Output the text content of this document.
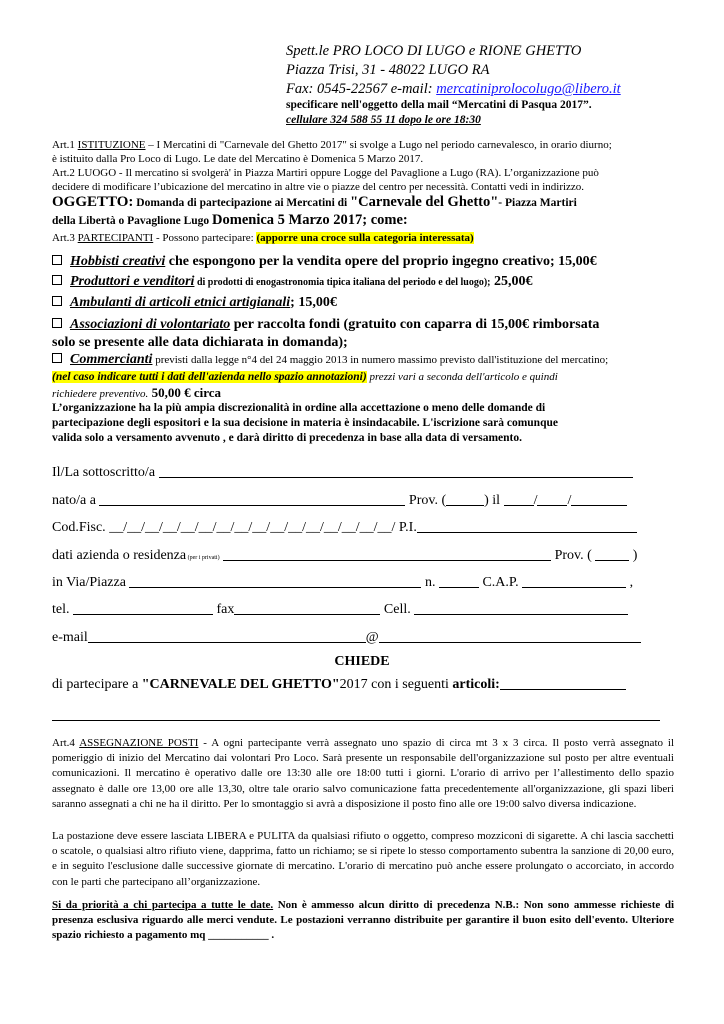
Spett.le PRO LOCO DI LUGO e RIONE GHETTO
Piazza Trisi, 31 - 48022 LUGO RA
Fax: 0545-22567 e-mail: mercatiniprolocolugo@libero.it
specificare nell'oggetto della mail “Mercatini di Pasqua 2017”.
cellulare 324 588 55 11 dopo le ore 18:30
Art.1 ISTITUZIONE – I Mercatini di "Carnevale del Ghetto 2017" si svolge a Lugo nel periodo carnevalesco, in orario diurno;
è istituito dalla Pro Loco di Lugo. Le date del Mercatino è Domenica 5 Marzo 2017.
Art.2 LUOGO - Il mercatino si svolgerà' in Piazza Martiri oppure Logge del Pavaglione a Lugo (RA). L’organizzazione può
decidere di modificare l’ubicazione del mercatino in altre vie o piazze del centro per necessità. Contatti vedi in indirizzo.
OGGETTO: Domanda di partecipazione ai Mercatini di "Carnevale del Ghetto"- Piazza Martiri
della Libertà o Pavaglione Lugo Domenica 5 Marzo 2017; come:
Art.3 PARTECIPANTI - Possono partecipare: (apporre una croce sulla categoria interessata)
Hobbisti creativi che espongono per la vendita opere del proprio ingegno creativo; 15,00€
Produttori e venditori di prodotti di enogastronomia tipica italiana del periodo e del luogo); 25,00€
Ambulanti di articoli etnici artigianali; 15,00€
Associazioni di volontariato per raccolta fondi (gratuito con caparra di 15,00€ rimborsata
solo se presente alle data dichiarata in domanda);
Commercianti previsti dalla legge n°4 del 24 maggio 2013 in numero massimo previsto dall'istituzione del mercatino;
(nel caso indicare tutti i dati dell'azienda nello spazio annotazioni) prezzi vari a seconda dell'articolo e quindi
richiedere preventivo. 50,00 € circa
L’organizzazione ha la più ampia discrezionalità in ordine alla accettazione o meno delle domande di
partecipazione degli espositori e la sua decisione in materia è insindacabile. L'iscrizione sarà comunque
valida solo a versamento avvenuto , e darà diritto di precedenza in base alla data di versamento.
Il/La sottoscritto/a
nato/a a	Prov. (	) il / /
Cod.Fisc. __/__/__/__/__/__/__/__/__/__/__/__/__/__/__/__/ P.I.
dati azienda o residenza (per i privati)	Prov. (	)
in Via/Piazza	n.	C.A.P.	,
tel.	fax	Cell.
e-mail	@
CHIEDE
di partecipare a "CARNEVALE DEL GHETTO"2017 con i seguenti articoli:
Art.4 ASSEGNAZIONE POSTI - A ogni partecipante verrà assegnato uno spazio di circa mt 3 x 3 circa. Il posto verrà assegnato il pomeriggio di inizio del Mercatino dai volontari Pro Loco. Sarà presente un responsabile dell'organizzazione sul posto per altre eventuali comunicazioni. Il mercatino è operativo dalle ore 13:30 alle ore 18:00 tutti i giorni. L'orario di arrivo per l’allestimento dello spazio assegnato è dalle ore 13,00 ore alle 13,30, oltre tale orario salvo comunicazione fatta precedentemente all'organizzazione, gli spazi liberi saranno assegnati a chi ne ha il diritto. Per lo smontaggio si avrà a disposizione il posto fino alle ore 19:00 salvo diversa indicazione.
La postazione deve essere lasciata LIBERA e PULITA da qualsiasi rifiuto o oggetto, compreso mozziconi di sigarette. A chi lascia sacchetti o scatole, o qualsiasi altro rifiuto viene, dapprima, fatto un richiamo; se si ripete lo stesso comportamento subentra la sanzione di 20,00 euro, e in seguito l'esclusione dalle successive giornate di mercatino. L'orario di mercatino può anche essere prolungato o accorciato, in accordo con le parti che partecipano all’organizzazione.
Si da priorità a chi partecipa a tutte le date. Non è ammesso alcun diritto di precedenza N.B.: Non sono ammesse richieste di presenza esclusiva riguardo alle merci vendute. Le postazioni verranno distribuite per garantire il buon esito dell'evento. Ulteriore spazio richiesto a pagamento mq ___________ .
